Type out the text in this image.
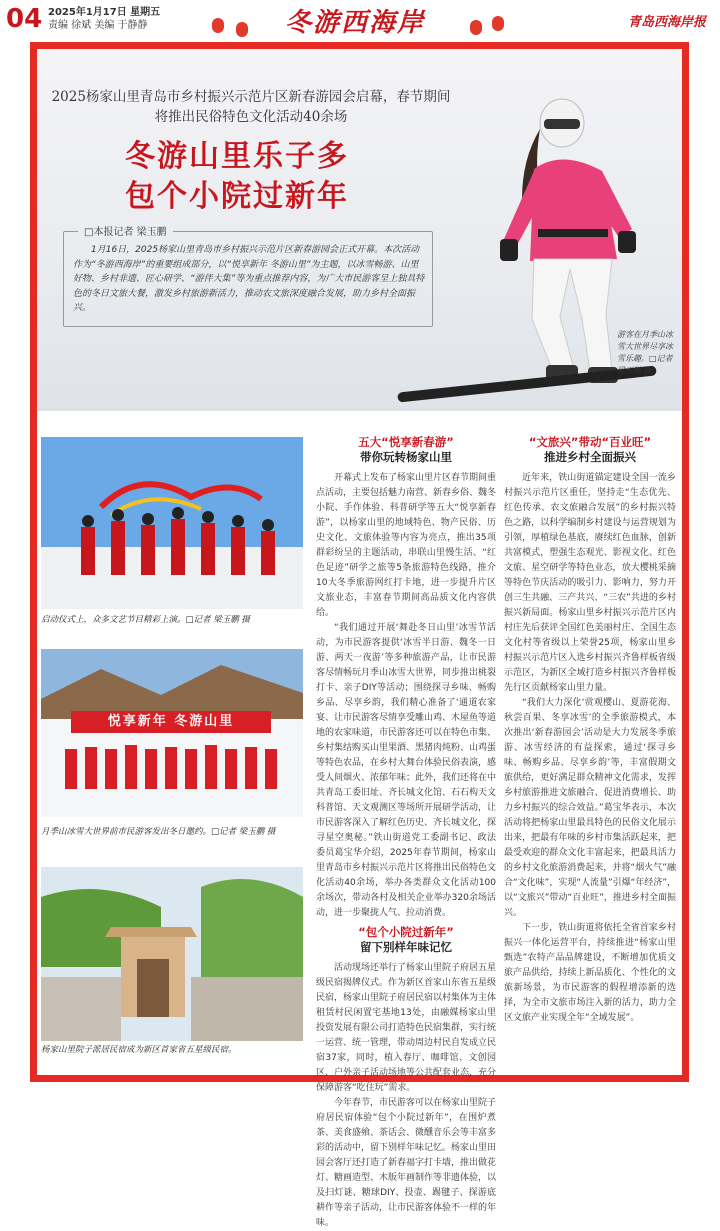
04 2025年1月17日 星期五
责编 徐斌 美编 于静静	冬游西海岸	青岛西海岸报
2025杨家山里青岛市乡村振兴示范片区新春游园会启幕，春节期间将推出民俗特色文化活动40余场
冬游山里乐子多
包个小院过新年
□本报记者 梁玉鹏
1月16日，2025杨家山里青岛市乡村振兴示范片区新春游园会正式开幕。本次活动作为“冬游西海岸”的重要组成部分，以“悦享新年 冬游山里”为主题，以冰雪畅游、山里好物、乡村非遗、匠心研学、“游伴大集”等为重点推荐内容，为广大市民游客呈上独具特色的冬日文旅大餐，激发乡村旅游新活力，推动农文旅深度融合发展，助力乡村全面振兴。
游客在月季山冰雪大世界尽享冰雪乐趣。□记者 梁玉鹏 摄
启动仪式上，众多文艺节目精彩上演。□记者 梁玉鹏 摄
悦享新年 冬游山里
月季山冰雪大世界前市民游客发出冬日邀约。□记者 梁玉鹏 摄
杨家山里院子派居民宿成为新区首家省五星级民宿。
五大“悦享新春游”
带你玩转杨家山里

开幕式上发布了杨家山里片区春节期间重点活动，主要包括魅力南营、新春乡俗、魏冬小院、手作体验、科普研学等五大“悦享新春游”，以杨家山里的地域特色、物产民俗、历史文化、文旅体验等内容为亮点，推出35项群彩纷呈的主题活动，串联山里慢生活、“红色足迹”研学之旅等5条旅游特色线路，推介10大冬季旅游网红打卡地，进一步提升片区文旅业态，丰富春节期间高品质文化内容供给。

“我们通过开展‘舞赴冬日山里’冰雪节活动，为市民游客提供‘冰雪半日游、魏冬一日游、两天一夜游’等多种旅游产品，让市民游客尽情畅玩月季山冰雪大世界，同步推出桃裂打卡、亲子DIY等活动；围绕探寻乡味、畅购乡品、尽享乡韵，我们精心准备了‘通道农家宴、让市民游客尽情享受雕山鸡、木屋鱼等道地的农家味道，市民游客还可以在特色市集、乡村集结购买山里果酒、黑猪肉炖粉、山鸡蛋等特色农品，在乡村大舞台体验民俗表演，感受人间烟火、浓郁年味；此外，我们还将在中共青岛工委旧址、齐长城文化馆、石石构天文科普馆、天文观测区等场所开展研学活动，让市民游客深入了解红色历史、齐长城文化，探寻星空奥秘。”铁山街道党工委副书记、政法委员葛宝华介绍，2025年春节期间，杨家山里青岛市乡村振兴示范片区将推出民俗特色文化活动40余场，举办各类群众文化活动100余场次，带动各村及相关企业举办320余场活动，进一步聚拢人气、拉动消费。

“包个小院过新年”
留下别样年味记忆

活动现场还举行了杨家山里院子府居五星级民宿揭牌仪式。作为新区首家山东省五星级民宿，杨家山里院子府居民宿以村集体为主体租赁村民闲置宅基地13处，由融媒杨家山里投资发展有限公司打造特色民宿集群，实行统一运营、统一管理，带动周边村民自发成立民宿37家，同时，植入春厅、咖啡馆、文创园区、户外亲子活动场地等公共配套业态，充分保障游客“吃住玩”需求。

今年春节，市民游客可以在杨家山里院子府居民宿体验“包个小院过新年”，在围炉煮茶、美食盛飨、茶话会、微醺音乐会等丰富多彩的活动中，留下别样年味记忆。杨家山里田园会客厅还打造了新春福字打卡墙，推出做花灯、糖画造型、木版年画制作等非遗体验，以及扫灯谜、糖球DIY、投壶、踢毽子、探游底耕作等亲子活动，让市民游客体验不一样的年味。

“文旅兴”带动“百业旺”
推进乡村全面振兴

近年来，铁山街道锚定建设全国一流乡村振兴示范片区重任，坚持走“生态优先、红色传承、农文旅融合发展”的乡村振兴特色之路，以科学编制乡村建设与运营规划为引领，厚植绿色基底，赓续红色血脉，创新共富模式，塑强生态观光、影视文化、红色文旅、星空研学等特色业态，放大樱桃采摘等特色节庆活动的吸引力、影响力，努力开创三生共融、三产共兴、“三农”共进的乡村振兴新局面。杨家山里乡村振兴示范片区内村庄先后获评全国红色美丽村庄、全国生态文化村等省级以上荣誉25项，杨家山里乡村振兴示范片区入选乡村振兴齐鲁样板省级示范区，为新区全域打造乡村振兴齐鲁样板先行区贡献杨家山里力量。

“我们大力深化‘赏观樱山、夏游花海、秋尝百果、冬享冰雪’的全季旅游模式，本次推出‘新春游园会’活动是大力发展冬季旅游、冰雪经济的有益探索，通过‘探寻乡味、畅购乡品、尽享乡韵’等，丰富假期文旅供给，更好满足群众精神文化需求，发挥乡村旅游推进文旅融合、促进消费增长、助力乡村振兴的综合效益。”葛宝华表示，本次活动将把杨家山里最具特色的民俗文化展示出来，把最有年味的乡村市集活跃起来，把最受欢迎的群众文化丰富起来，把最具活力的乡村文化旅游消费起来，并将“烟火气”融合“文化味”，实现“人流量”引爆“年经济”，以“文旅兴”带动“百业旺”，推进乡村全面振兴。

下一步，铁山街道将依托全省首家乡村振兴一体化运营平台，持续推进“杨家山里甄选”农特产品品牌建设，不断增加优质文旅产品供给，持续上新品质化、个性化的文旅新场景，为市民游客的假程增添新的选择，为全市文旅市场注入新的活力，助力全区文旅产业实现全年“全域发展”。
